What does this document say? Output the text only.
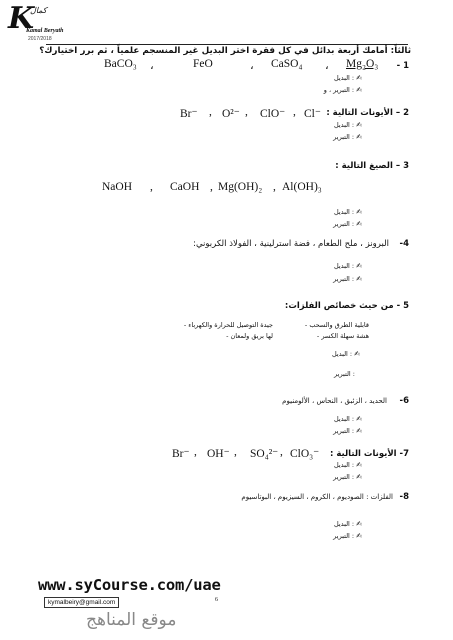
K
كمال
Kamal Beryath
2017/2018
ثالثاً: أمامك أربعة بدائل في كل فقرة اختر البديل غير المنسجم علمياً ، ثم برر اختيارك؟
1 -
Mg₂O₃
،
CaSO₄
،
FeO
،
BaCO₃
✍: البديل
✍: التبرير ، و
2 – الأيونات التالية :
Cl⁻
,
ClO⁻
,
O²⁻
,
Br⁻
✍: البديل
✍: التبرير
3 – الصيغ التالية :
NaOH , CaOH , Mg(OH)₂ , Al(OH)₃
✍: البديل
✍: التبرير
4-
البرونز ، ملح الطعام ، فضة استرلينية ، الفولاذ الكربوني:
✍: البديل
✍: التبرير
5 - من حيث خصائص الفلزات:
جيدة التوصيل للحرارة والكهرباء -	قابلية الطرق والسحب -
هشة سهلة الكسر -
لها بريق ولمعان -
✍: البديل
: التبرير
6-
الحديد ، الزئبق ، النحاس ، الألومنيوم
✍: البديل
✍: التبرير
7- الأيونات التالية :
ClO₃⁻
,
SO₄²⁻
,
OH⁻
,
Br⁻
✍: البديل
✍: التبرير
8-
الفلزات : الصوديوم ، الكروم ، السيزيوم ، البوتاسيوم
✍: البديل
✍: التبرير
www.syCourse.com/uae
kymalbeiry@gmail.com	6
موقع المناهج
